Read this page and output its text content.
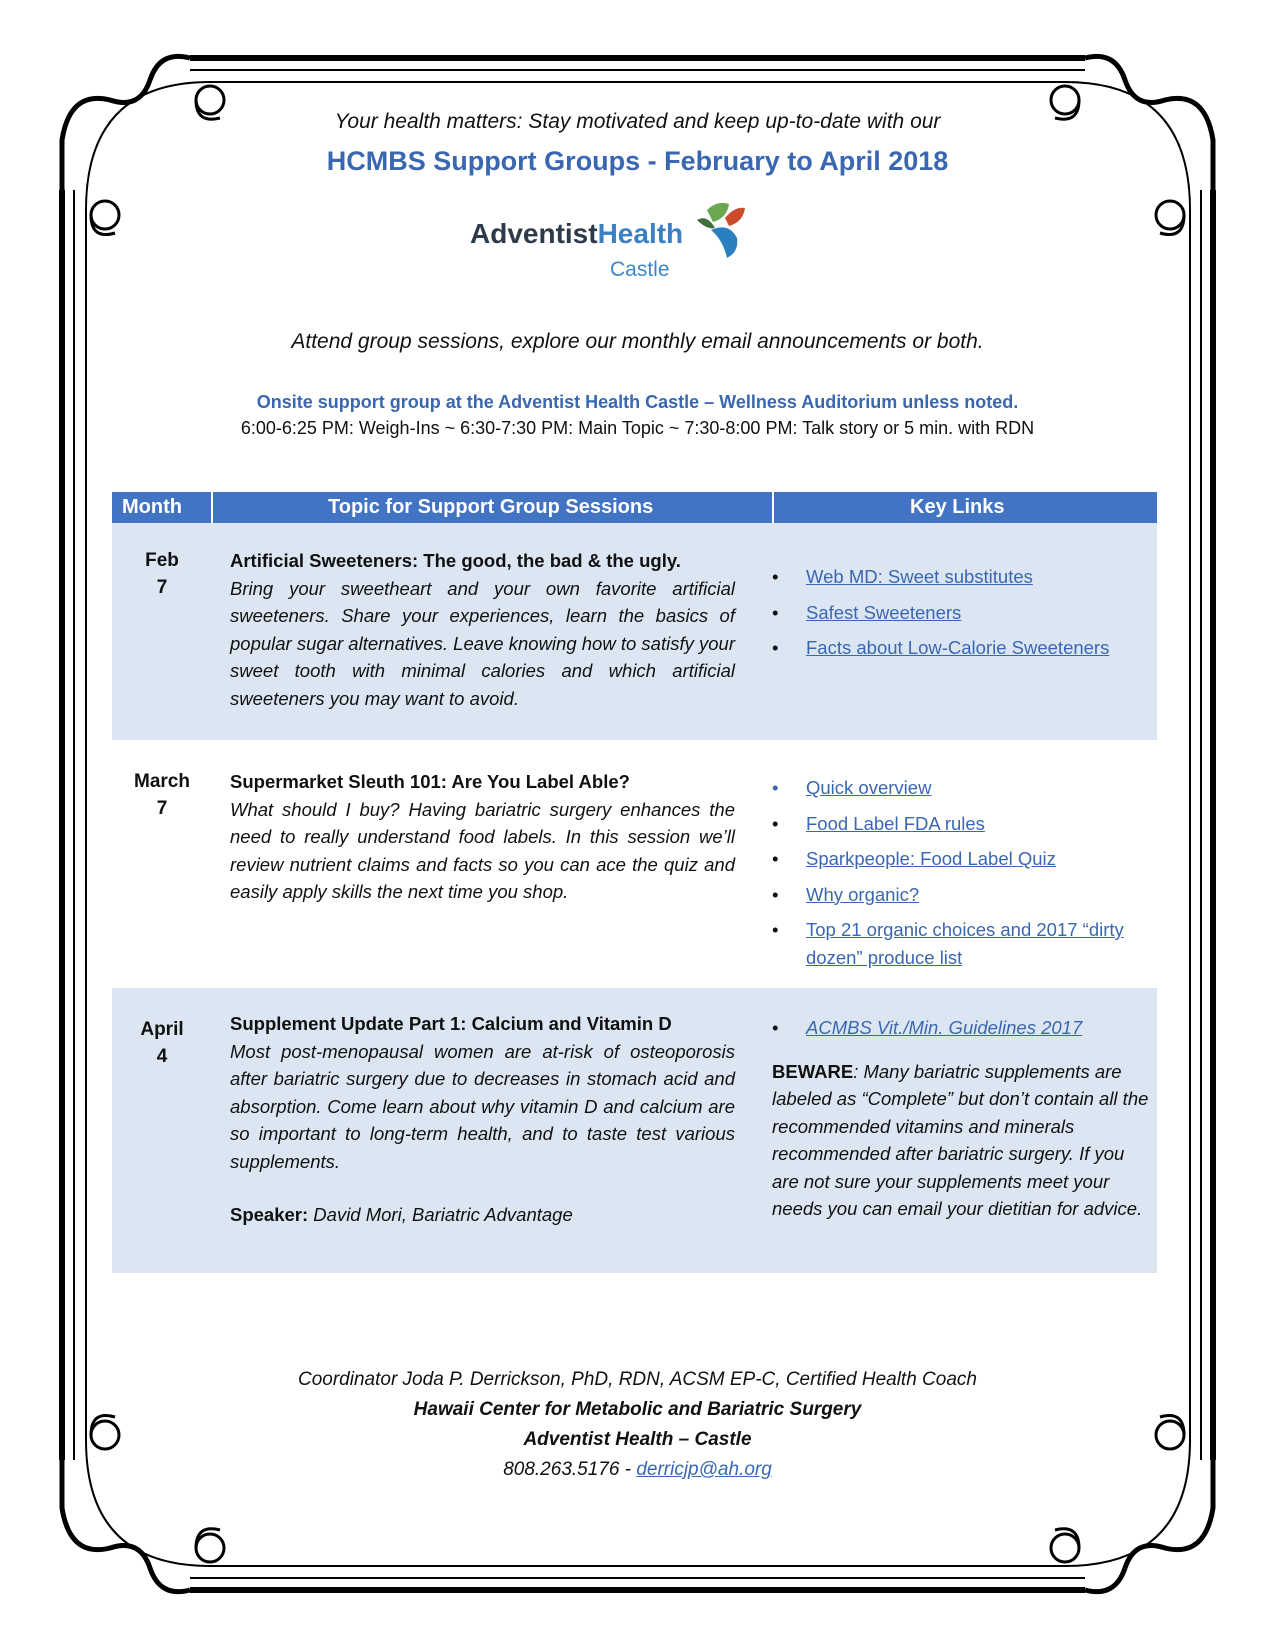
Your health matters: Stay motivated and keep up-to-date with our
HCMBS Support Groups - February to April 2018
AdventistHealth
Castle
Attend group sessions, explore our monthly email announcements or both.
Onsite support group at the Adventist Health Castle – Wellness Auditorium unless noted.
6:00-6:25 PM: Weigh-Ins ~ 6:30-7:30 PM: Main Topic ~ 7:30-8:00 PM: Talk story or 5 min. with RDN
Month	Topic for Support Group Sessions	Key Links
Feb
7
Artificial Sweeteners: The good, the bad & the ugly.
Bring your sweetheart and your own favorite artificial sweeteners. Share your experiences, learn the basics of popular sugar alternatives. Leave knowing how to satisfy your sweet tooth with minimal calories and which artificial sweeteners you may want to avoid.
• Web MD: Sweet substitutes
• Safest Sweeteners
• Facts about Low-Calorie Sweeteners
March
7
Supermarket Sleuth 101: Are You Label Able?
What should I buy? Having bariatric surgery enhances the need to really understand food labels. In this session we’ll review nutrient claims and facts so you can ace the quiz and easily apply skills the next time you shop.
• Quick overview
• Food Label FDA rules
• Sparkpeople: Food Label Quiz
• Why organic?
• Top 21 organic choices and 2017 “dirty dozen” produce list
April
4
Supplement Update Part 1: Calcium and Vitamin D
Most post-menopausal women are at-risk of osteoporosis after bariatric surgery due to decreases in stomach acid and absorption. Come learn about why vitamin D and calcium are so important to long-term health, and to taste test various supplements.
Speaker: David Mori, Bariatric Advantage
• ACMBS Vit./Min. Guidelines 2017
BEWARE: Many bariatric supplements are labeled as “Complete” but don’t contain all the recommended vitamins and minerals recommended after bariatric surgery. If you are not sure your supplements meet your needs you can email your dietitian for advice.
Coordinator Joda P. Derrickson, PhD, RDN, ACSM EP-C, Certified Health Coach
Hawaii Center for Metabolic and Bariatric Surgery
Adventist Health – Castle
808.263.5176 - derricjp@ah.org
